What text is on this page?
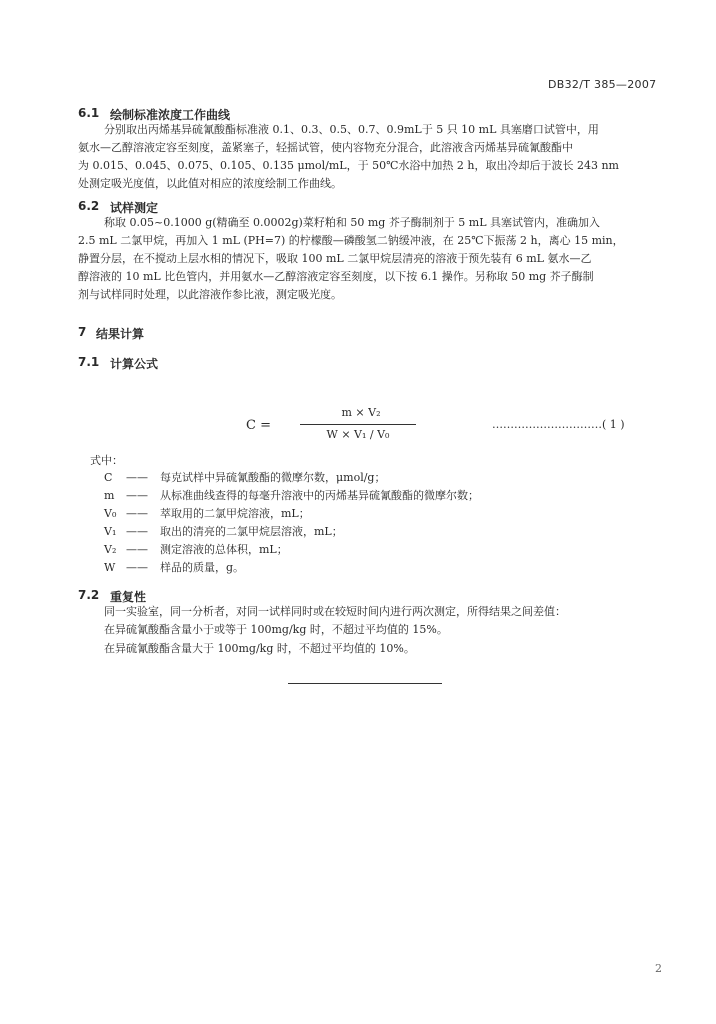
DB32/T 385—2007
6.1 绘制标准浓度工作曲线
分别取出丙烯基异硫氰酸酯标准液 0.1、0.3、0.5、0.7、0.9mL于 5 只 10 mL 具塞磨口试管中，用
氨水—乙醇溶液定容至刻度，盖紧塞子，轻摇试管，使内容物充分混合，此溶液含丙烯基异硫氰酸酯中
为 0.015、0.045、0.075、0.105、0.135 μmol/mL，于 50℃水浴中加热 2 h，取出冷却后于波长 243 nm
处测定吸光度值，以此值对相应的浓度绘制工作曲线。
6.2 试样测定
称取 0.05~0.1000 g(精确至 0.0002g)菜籽粕和 50 mg 芥子酶制剂于 5 mL 具塞试管内，准确加入
2.5 mL 二氯甲烷，再加入 1 mL (PH=7) 的柠檬酸—磷酸氢二钠缓冲液，在 25℃下振荡 2 h，离心 15 min，
静置分层，在不搅动上层水相的情况下，吸取 100 mL 二氯甲烷层清亮的溶液于预先装有 6 mL 氨水—乙
醇溶液的 10 mL 比色管内，并用氨水—乙醇溶液定容至刻度，以下按 6.1 操作。另称取 50 mg 芥子酶制
剂与试样同时处理，以此溶液作参比液，测定吸光度。
7 结果计算
7.1 计算公式
C =
m × V₂
W × V₁ / V₀
…………………………( 1 )
式中：
C —— 每克试样中异硫氰酸酯的微摩尔数，μmol/g；
m —— 从标准曲线查得的每毫升溶液中的丙烯基异硫氰酸酯的微摩尔数；
V₀ —— 萃取用的二氯甲烷溶液，mL；
V₁ —— 取出的清亮的二氯甲烷层溶液，mL；
V₂ —— 测定溶液的总体积，mL；
W —— 样品的质量，g。
7.2 重复性
同一实验室，同一分析者，对同一试样同时或在较短时间内进行两次测定，所得结果之间差值：
在异硫氰酸酯含量小于或等于 100mg/kg 时，不超过平均值的 15%。
在异硫氰酸酯含量大于 100mg/kg 时，不超过平均值的 10%。
2
